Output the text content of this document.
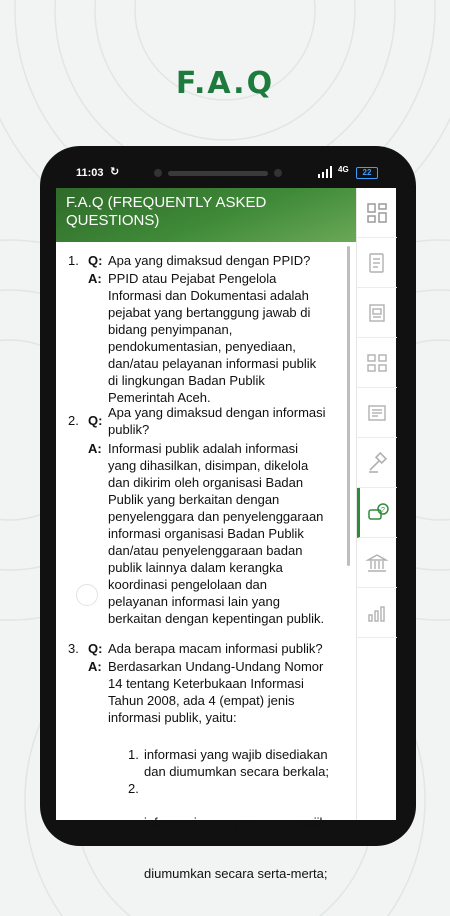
F.A.Q
11:03 ↻	4G	22
F.A.Q (FREQUENTLY ASKED
QUESTIONS)
1. Q: Apa yang dimaksud dengan PPID?
A: PPID atau Pejabat Pengelola
Informasi dan Dokumentasi adalah
pejabat yang bertanggung jawab di
bidang penyimpanan,
pendokumentasian, penyediaan,
dan/atau pelayanan informasi publik
di lingkungan Badan Publik
Pemerintah Aceh.
2. Q:
Apa yang dimaksud dengan informasi
publik?
A: Informasi publik adalah informasi
yang dihasilkan, disimpan, dikelola
dan dikirim oleh organisasi Badan
Publik yang berkaitan dengan
penyelenggara dan penyelenggaraan
informasi organisasi Badan Publik
dan/atau penyelenggaraan badan
publik lainnya dalam kerangka
koordinasi pengelolaan dan
pelayanan informasi lain yang
berkaitan dengan kepentingan publik.
3. Q: Ada berapa macam informasi publik?
A: Berdasarkan Undang-Undang Nomor
14 tentang Keterbukaan Informasi
Tahun 2008, ada 4 (empat) jenis
informasi publik, yaitu:
1. informasi yang wajib disediakan
dan diumumkan secara berkala;
2.

informasi          yang          wajib

diumumkan secara serta-merta;

?
